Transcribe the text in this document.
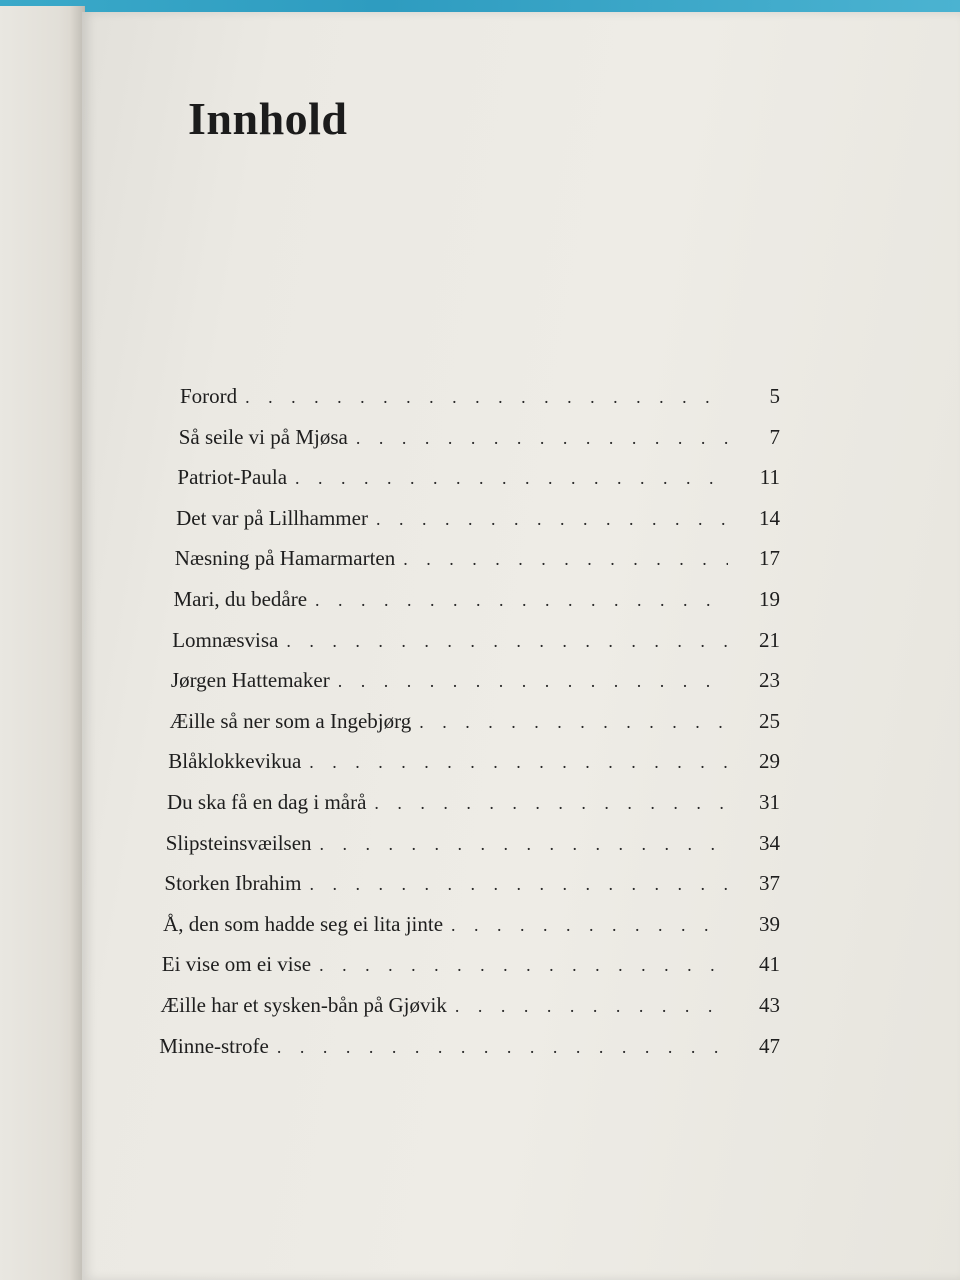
Innhold
Forord . . .	5
Så seile vi på Mjøsa . . .	7
Patriot-Paula . . .	11
Det var på Lillhammer . . .	14
Næsning på Hamarmarten . . .	17
Mari, du bedåre . . .	19
Lomnæsvisa . . .	21
Jørgen Hattemaker . . .	23
Æille så ner som a Ingebjørg . . .	25
Blåklokkevikua . . .	29
Du ska få en dag i mårå . . .	31
Slipsteinsvæilsen . . .	34
Storken Ibrahim . . .	37
Å, den som hadde seg ei lita jinte . . .	39
Ei vise om ei vise . . .	41
Æille har et sysken-bån på Gjøvik . . .	43
Minne-strofe . . .	47
